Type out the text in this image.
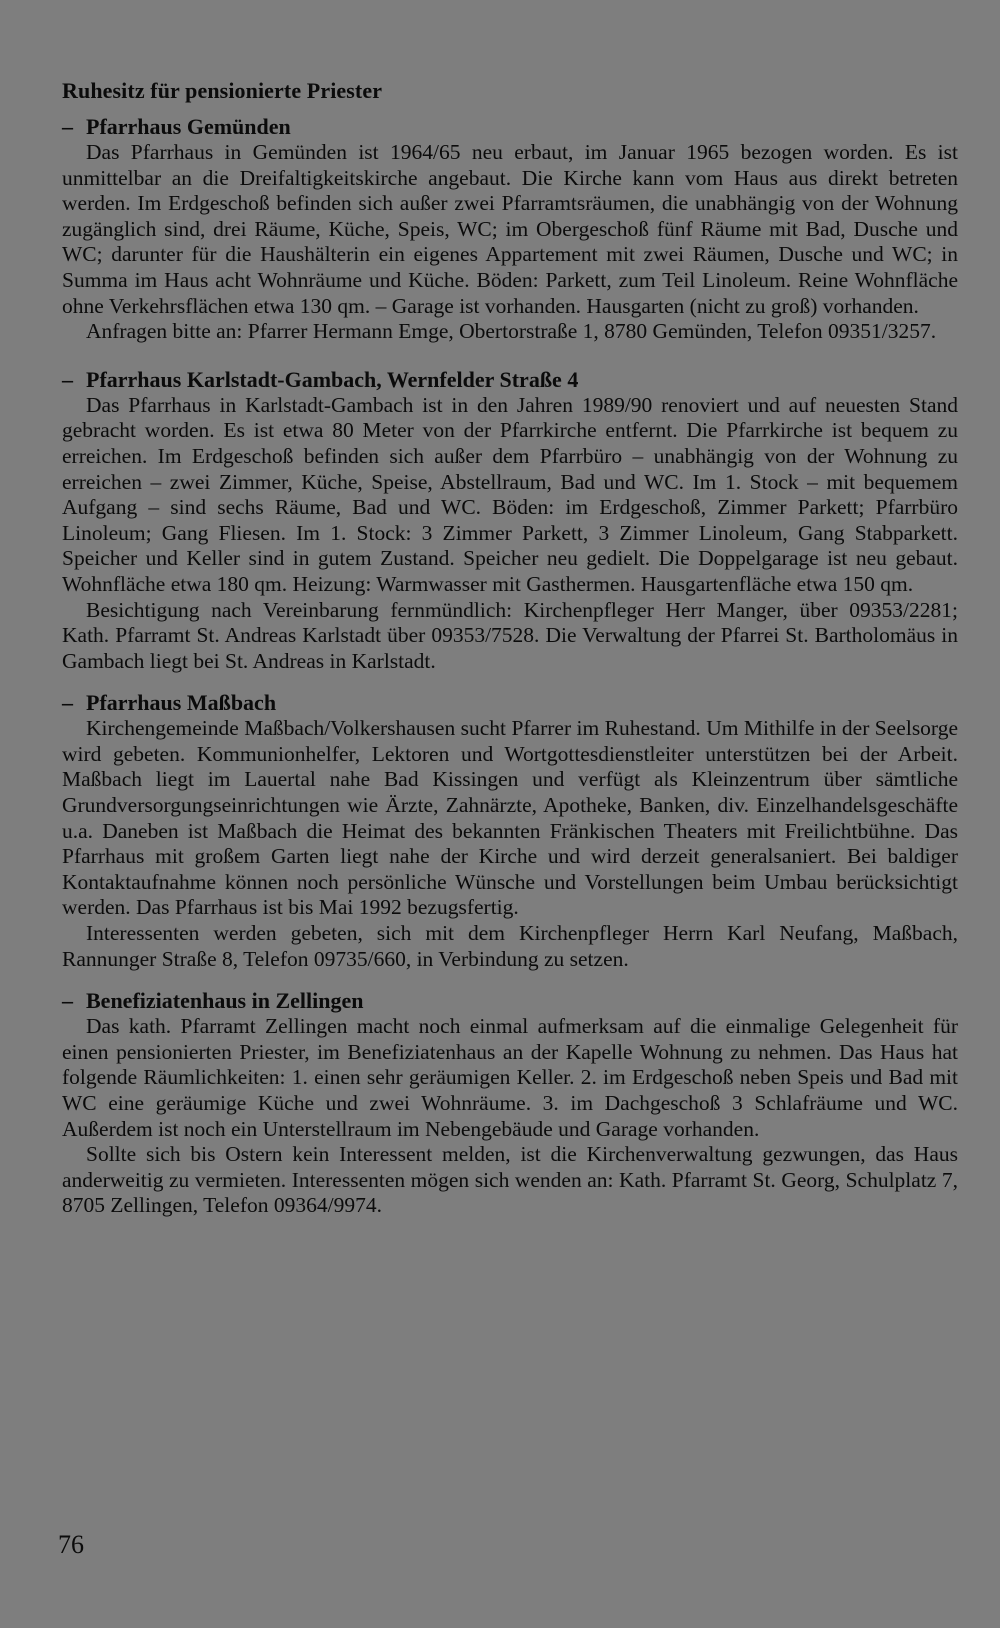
Ruhesitz für pensionierte Priester
– Pfarrhaus Gemünden

Das Pfarrhaus in Gemünden ist 1964/65 neu erbaut, im Januar 1965 bezogen worden. Es ist unmittelbar an die Dreifaltigkeitskirche angebaut. Die Kirche kann vom Haus aus direkt betreten werden. Im Erdgeschoß befinden sich außer zwei Pfarramtsräumen, die unabhängig von der Wohnung zugänglich sind, drei Räume, Küche, Speis, WC; im Obergeschoß fünf Räume mit Bad, Dusche und WC; darunter für die Haushälterin ein eigenes Appartement mit zwei Räumen, Dusche und WC; in Summa im Haus acht Wohnräume und Küche. Böden: Parkett, zum Teil Linoleum. Reine Wohnfläche ohne Verkehrsflächen etwa 130 qm. – Garage ist vorhanden. Hausgarten (nicht zu groß) vorhanden.

Anfragen bitte an: Pfarrer Hermann Emge, Obertorstraße 1, 8780 Gemünden, Telefon 09351/3257.

– Pfarrhaus Karlstadt-Gambach, Wernfelder Straße 4

Das Pfarrhaus in Karlstadt-Gambach ist in den Jahren 1989/90 renoviert und auf neuesten Stand gebracht worden. Es ist etwa 80 Meter von der Pfarrkirche entfernt. Die Pfarrkirche ist bequem zu erreichen. Im Erdgeschoß befinden sich außer dem Pfarrbüro – unabhängig von der Wohnung zu erreichen – zwei Zimmer, Küche, Speise, Abstellraum, Bad und WC. Im 1. Stock – mit bequemem Aufgang – sind sechs Räume, Bad und WC. Böden: im Erdgeschoß, Zimmer Parkett; Pfarrbüro Linoleum; Gang Fliesen. Im 1. Stock: 3 Zimmer Parkett, 3 Zimmer Linoleum, Gang Stabparkett. Speicher und Keller sind in gutem Zustand. Speicher neu gedielt. Die Doppelgarage ist neu gebaut. Wohnfläche etwa 180 qm. Heizung: Warmwasser mit Gasthermen. Hausgartenfläche etwa 150 qm.

Besichtigung nach Vereinbarung fernmündlich: Kirchenpfleger Herr Manger, über 09353/2281; Kath. Pfarramt St. Andreas Karlstadt über 09353/7528. Die Verwaltung der Pfarrei St. Bartholomäus in Gambach liegt bei St. Andreas in Karlstadt.

– Pfarrhaus Maßbach

Kirchengemeinde Maßbach/Volkershausen sucht Pfarrer im Ruhestand. Um Mithilfe in der Seelsorge wird gebeten. Kommunionhelfer, Lektoren und Wortgottesdienstleiter unterstützen bei der Arbeit. Maßbach liegt im Lauertal nahe Bad Kissingen und verfügt als Kleinzentrum über sämtliche Grundversorgungseinrichtungen wie Ärzte, Zahnärzte, Apotheke, Banken, div. Einzelhandelsgeschäfte u.a. Daneben ist Maßbach die Heimat des bekannten Fränkischen Theaters mit Freilichtbühne. Das Pfarrhaus mit großem Garten liegt nahe der Kirche und wird derzeit generalsaniert. Bei baldiger Kontaktaufnahme können noch persönliche Wünsche und Vorstellungen beim Umbau berücksichtigt werden. Das Pfarrhaus ist bis Mai 1992 bezugsfertig.

Interessenten werden gebeten, sich mit dem Kirchenpfleger Herrn Karl Neufang, Maßbach, Rannunger Straße 8, Telefon 09735/660, in Verbindung zu setzen.

– Benefiziatenhaus in Zellingen

Das kath. Pfarramt Zellingen macht noch einmal aufmerksam auf die einmalige Gelegenheit für einen pensionierten Priester, im Benefiziatenhaus an der Kapelle Wohnung zu nehmen. Das Haus hat folgende Räumlichkeiten: 1. einen sehr geräumigen Keller. 2. im Erdgeschoß neben Speis und Bad mit WC eine geräumige Küche und zwei Wohnräume. 3. im Dachgeschoß 3 Schlafräume und WC. Außerdem ist noch ein Unterstellraum im Nebengebäude und Garage vorhanden.

Sollte sich bis Ostern kein Interessent melden, ist die Kirchenverwaltung gezwungen, das Haus anderweitig zu vermieten. Interessenten mögen sich wenden an: Kath. Pfarramt St. Georg, Schulplatz 7, 8705 Zellingen, Telefon 09364/9974.

76
